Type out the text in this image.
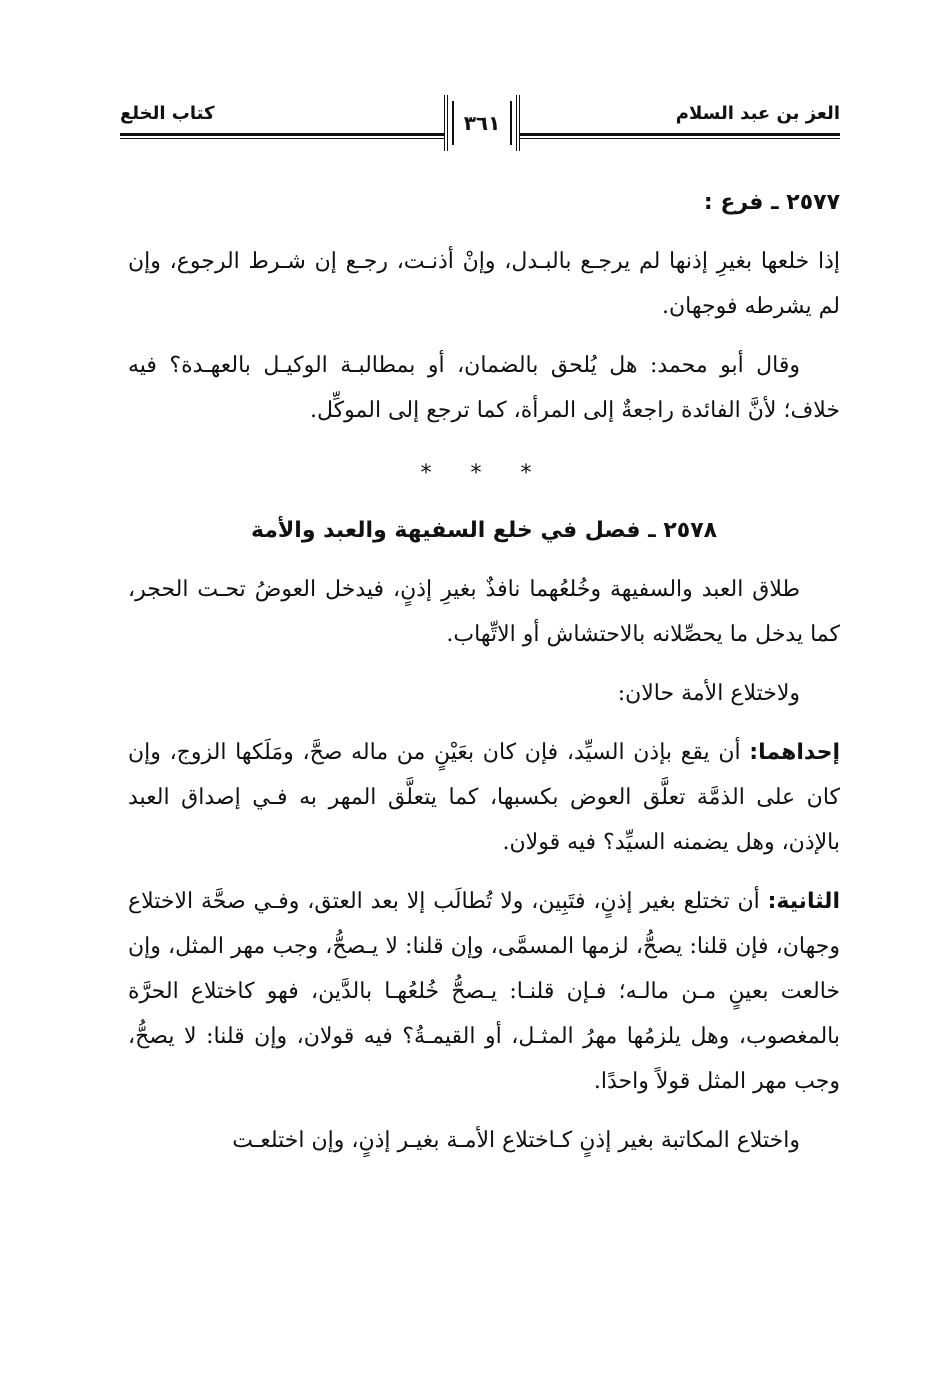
العز بن عبد السلام
كتاب الخلع	٣٦١

٢٥٧٧ ـ فرع :

إذا خلعها بغيرِ إذنها لم يرجـع بالبـدل، وإنْ أذنـت، رجـع إن شـرط الرجوع، وإن لم يشرطه فوجهان.

وقال أبو محمد: هل يُلحق بالضمان، أو بمطالبـة الوكيـل بالعهـدة؟ فيه خلاف؛ لأنَّ الفائدة راجعةٌ إلى المرأة، كما ترجع إلى الموكِّل.

* * *

٢٥٧٨ ـ فصل في خلع السفيهة والعبد والأمة

طلاق العبد والسفيهة وخُلعُهما نافذٌ بغيرِ إذنٍ، فيدخل العوضُ تحـت الحجر، كما يدخل ما يحصِّلانه بالاحتشاش أو الاتِّهاب.

ولاختلاع الأمة حالان:

إحداهما: أن يقع بإذن السيِّد، فإن كان بعَيْنٍ من ماله صحَّ، ومَلَكها الزوج، وإن كان على الذمَّة تعلَّق العوض بكسبها، كما يتعلَّق المهر به فـي إصداق العبد بالإذن، وهل يضمنه السيِّد؟ فيه قولان.

الثانية: أن تختلع بغير إذنٍ، فتَبِين، ولا تُطالَب إلا بعد العتق، وفـي صحَّة الاختلاع وجهان، فإن قلنا: يصحُّ، لزمها المسمَّى، وإن قلنا: لا يـصحُّ، وجب مهر المثل، وإن خالعت بعينٍ مـن مالـه؛ فـإن قلنـا: يـصحُّ خُلعُهـا بالدَّين، فهو كاختلاع الحرَّة بالمغصوب، وهل يلزمُها مهرُ المثـل، أو القيمـةُ؟ فيه قولان، وإن قلنا: لا يصحُّ، وجب مهر المثل قولاً واحدًا.

واختلاع المكاتبة بغير إذنٍ كـاختلاع الأمـة بغيـر إذنٍ، وإن اختلعـت
